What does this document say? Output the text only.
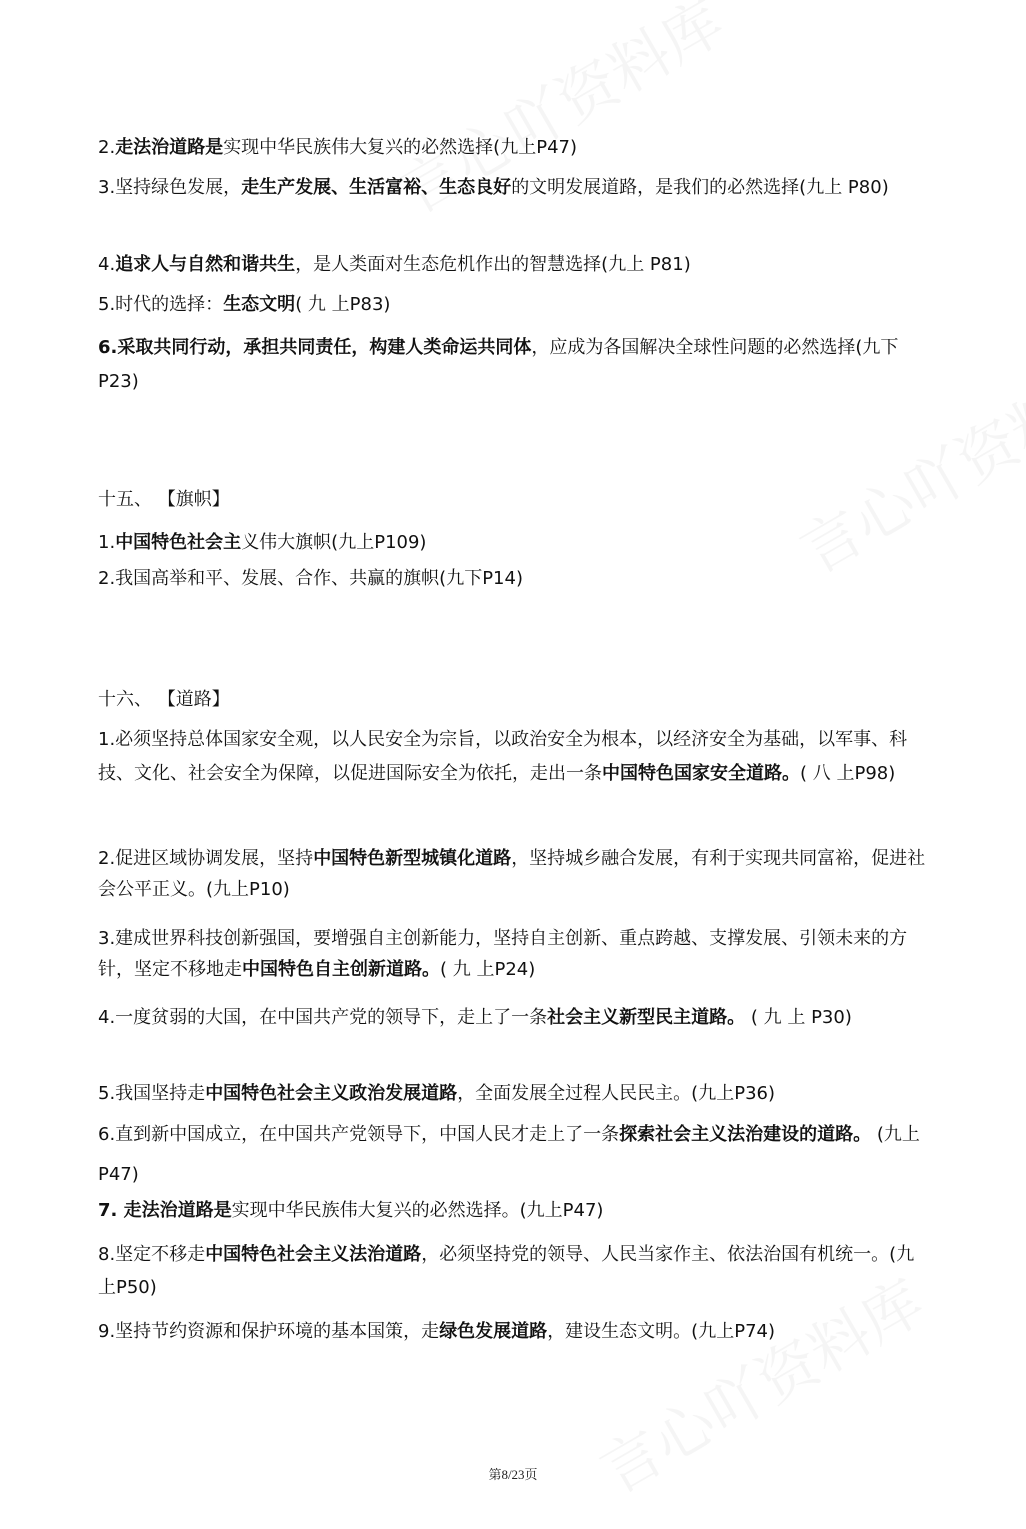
2.走法治道路是实现中华民族伟大复兴的必然选择(九上P47)
3.坚持绿色发展，走生产发展、生活富裕、生态良好的文明发展道路，是我们的必然选择(九上 P80)
4.追求人与自然和谐共生，是人类面对生态危机作出的智慧选择(九上 P81)
5.时代的选择：生态文明( 九 上P83)
6.采取共同行动，承担共同责任，构建人类命运共同体，应成为各国解决全球性问题的必然选择(九下P23)
十五、 【旗帜】
1.中国特色社会主义伟大旗帜(九上P109)
2.我国高举和平、发展、合作、共赢的旗帜(九下P14)
十六、 【道路】
1.必须坚持总体国家安全观，以人民安全为宗旨，以政治安全为根本，以经济安全为基础，以军事、科技、文化、社会安全为保障，以促进国际安全为依托，走出一条中国特色国家安全道路。( 八 上P98)
2.促进区域协调发展，坚持中国特色新型城镇化道路，坚持城乡融合发展，有利于实现共同富裕，促进社会公平正义。(九上P10)
3.建成世界科技创新强国，要增强自主创新能力，坚持自主创新、重点跨越、支撑发展、引领未来的方针，坚定不移地走中国特色自主创新道路。( 九 上P24)
4.一度贫弱的大国，在中国共产党的领导下，走上了一条社会主义新型民主道路。 ( 九 上 P30)
5.我国坚持走中国特色社会主义政治发展道路，全面发展全过程人民民主。(九上P36)
6.直到新中国成立，在中国共产党领导下，中国人民才走上了一条探索社会主义法治建设的道路。 (九上P47)
7. 走法治道路是实现中华民族伟大复兴的必然选择。(九上P47)
8.坚定不移走中国特色社会主义法治道路，必须坚持党的领导、人民当家作主、依法治国有机统一。(九上P50)
9.坚持节约资源和保护环境的基本国策，走绿色发展道路，建设生态文明。(九上P74)
第8/23页
